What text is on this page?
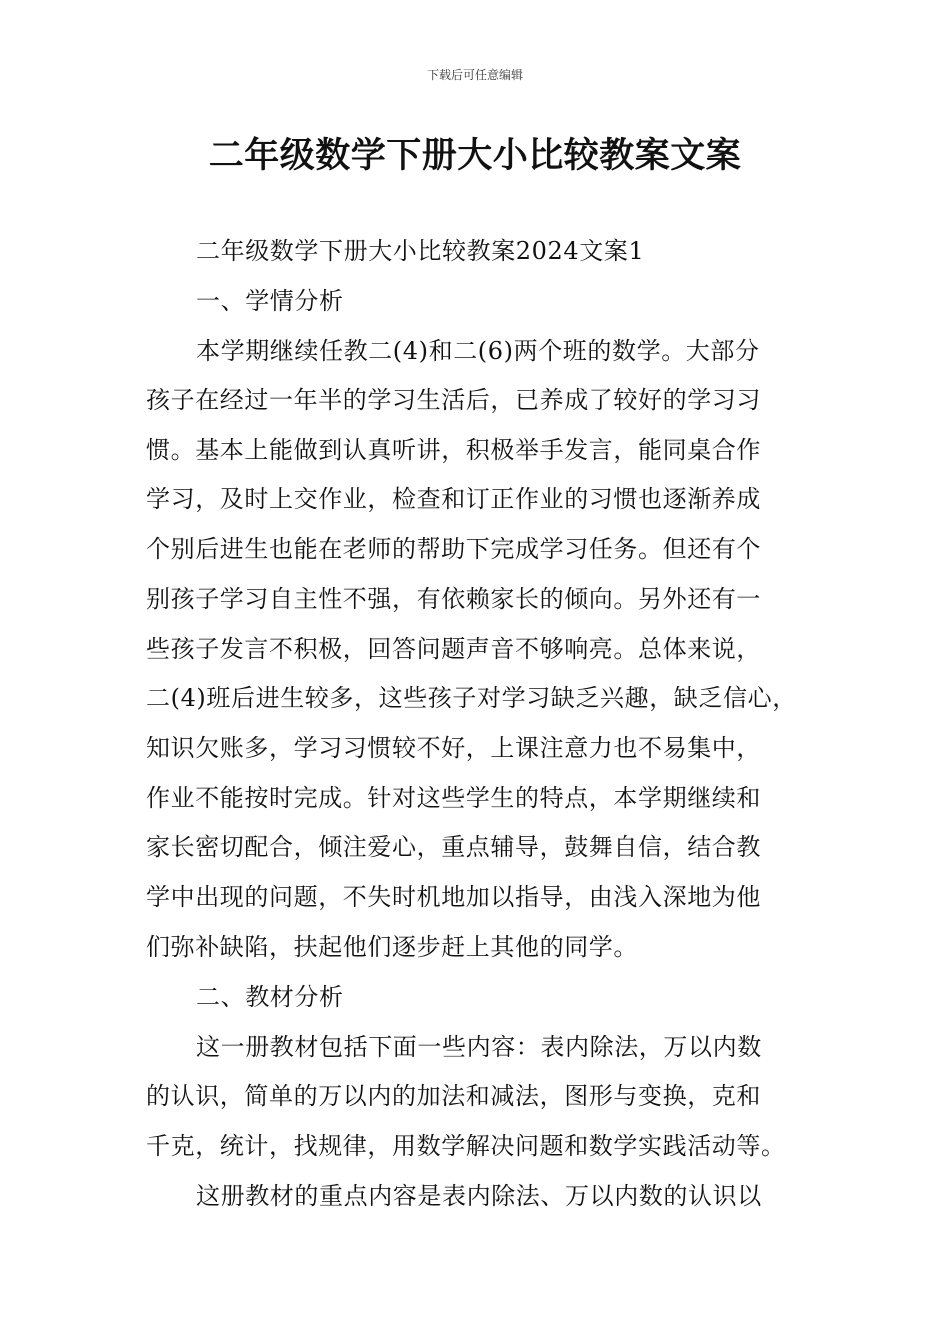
下载后可任意编辑
二年级数学下册大小比较教案文案
二年级数学下册大小比较教案2024文案1
一、学情分析
本学期继续任教二(4)和二(6)两个班的数学。大部分
孩子在经过一年半的学习生活后，已养成了较好的学习习
惯。基本上能做到认真听讲，积极举手发言，能同桌合作
学习，及时上交作业，检查和订正作业的习惯也逐渐养成
个别后进生也能在老师的帮助下完成学习任务。但还有个
别孩子学习自主性不强，有依赖家长的倾向。另外还有一
些孩子发言不积极，回答问题声音不够响亮。总体来说，
二(4)班后进生较多，这些孩子对学习缺乏兴趣，缺乏信心，
知识欠账多，学习习惯较不好，上课注意力也不易集中，
作业不能按时完成。针对这些学生的特点，本学期继续和
家长密切配合，倾注爱心，重点辅导，鼓舞自信，结合教
学中出现的问题，不失时机地加以指导，由浅入深地为他
们弥补缺陷，扶起他们逐步赶上其他的同学。
二、教材分析
这一册教材包括下面一些内容：表内除法，万以内数
的认识，简单的万以内的加法和减法，图形与变换，克和
千克，统计，找规律，用数学解决问题和数学实践活动等。
这册教材的重点内容是表内除法、万以内数的认识以
